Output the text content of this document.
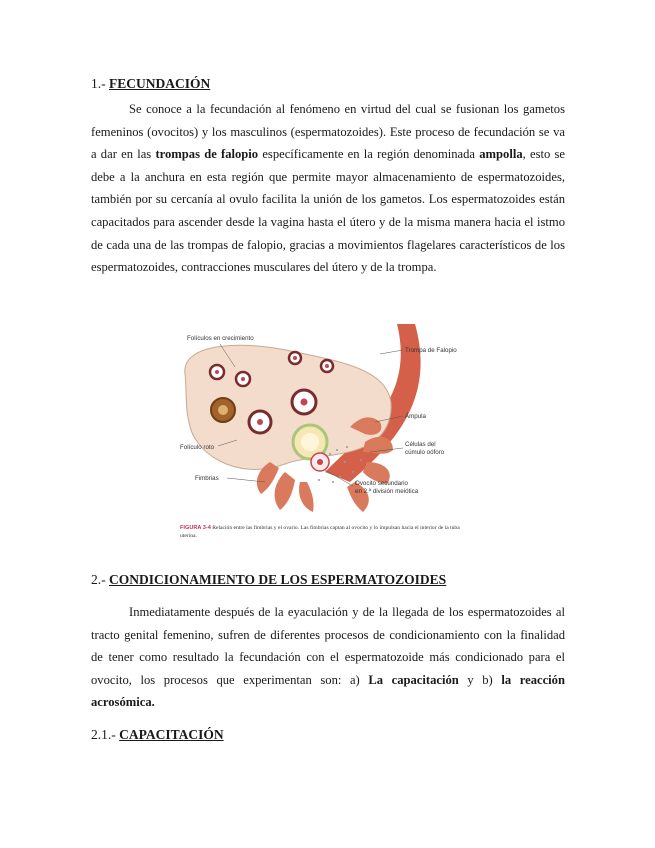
1.- FECUNDACIÓN

Se conoce a la fecundación al fenómeno en virtud del cual se fusionan los gametos femeninos (ovocitos) y los masculinos (espermatozoides). Este proceso de fecundación se va a dar en las trompas de falopio específicamente en la región denominada ampolla, esto se debe a la anchura en esta región que permite mayor almacenamiento de espermatozoides, también por su cercanía al ovulo facilita la unión de los gametos. Los espermatozoides están capacitados para ascender desde la vagina hasta el útero y de la misma manera hacia el istmo de cada una de las trompas de falopio, gracias a movimientos flagelares característicos de los espermatozoides, contracciones musculares del útero y de la trompa.

Folículos en crecimiento
Trompa de Falopio
Ámpula
Folículo roto	Células del
cúmulo oóforo
Fimbrias
Ovocito secundario
en 2.ª división meiótica
FIGURA 3-4 Relación entre las fimbrias y el ovario. Las fimbrias captan al ovocito y lo impulsan hacia el interior de la tuba uterina.
2.- CONDICIONAMIENTO DE LOS ESPERMATOZOIDES

Inmediatamente después de la eyaculación y de la llegada de los espermatozoides al tracto genital femenino, sufren de diferentes procesos de condicionamiento con la finalidad de tener como resultado la fecundación con el espermatozoide más condicionado para el ovocito, los procesos que experimentan son: a) La capacitación y b) la reacción acrosómica.

2.1.- CAPACITACIÓN
